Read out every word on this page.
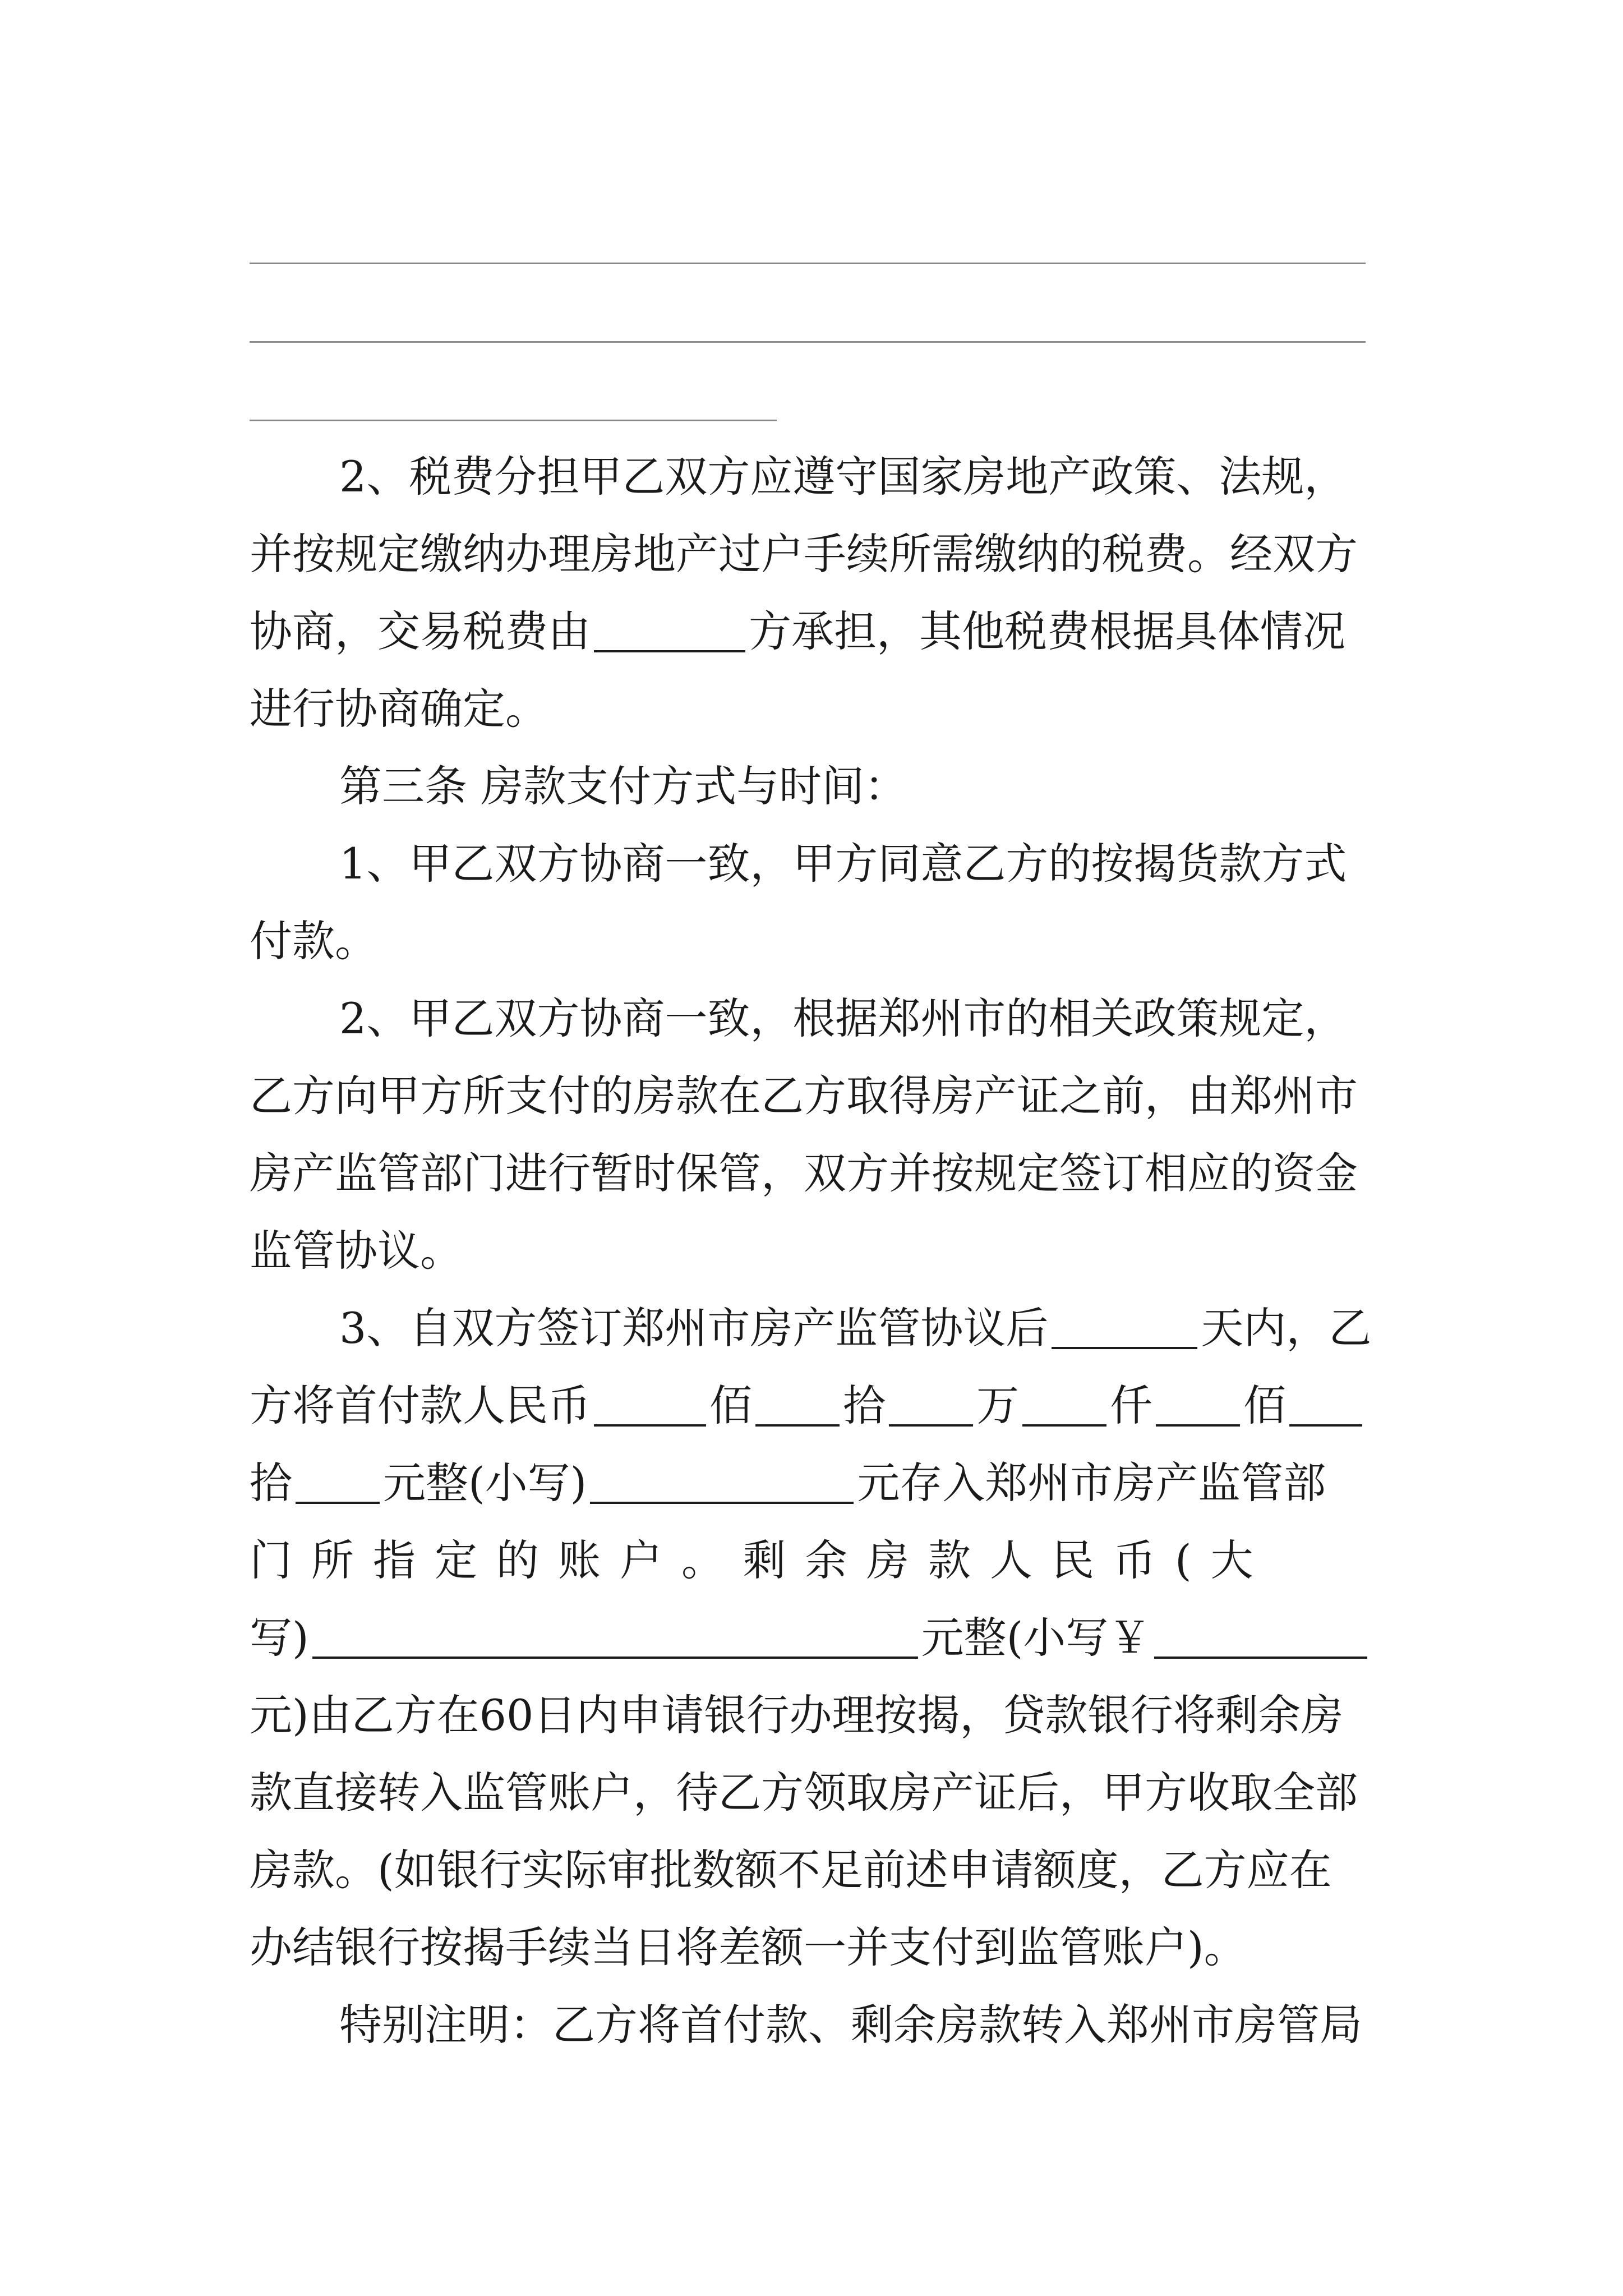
2、税费分担甲乙双方应遵守国家房地产政策、法规，
并按规定缴纳办理房地产过户手续所需缴纳的税费。经双方
协商，交易税费由	方承担，其他税费根据具体情况
进行协商确定。
第三条 房款支付方式与时间：
1、甲乙双方协商一致，甲方同意乙方的按揭货款方式
付款。
2、甲乙双方协商一致，根据郑州市的相关政策规定，
乙方向甲方所支付的房款在乙方取得房产证之前，由郑州市
房产监管部门进行暂时保管，双方并按规定签订相应的资金
监管协议。
3、自双方签订郑州市房产监管协议后	天内，乙
方将首付款人民币	佰 拾 万 仟 佰
拾 元整(小写)	元存入郑州市房产监管部
门所指定的账户。剩余房款人民币(大
写)	元整(小写￥
元)由乙方在60日内申请银行办理按揭，贷款银行将剩余房
款直接转入监管账户，待乙方领取房产证后，甲方收取全部
房款。(如银行实际审批数额不足前述申请额度，乙方应在
办结银行按揭手续当日将差额一并支付到监管账户)。
特别注明：乙方将首付款、剩余房款转入郑州市房管局
